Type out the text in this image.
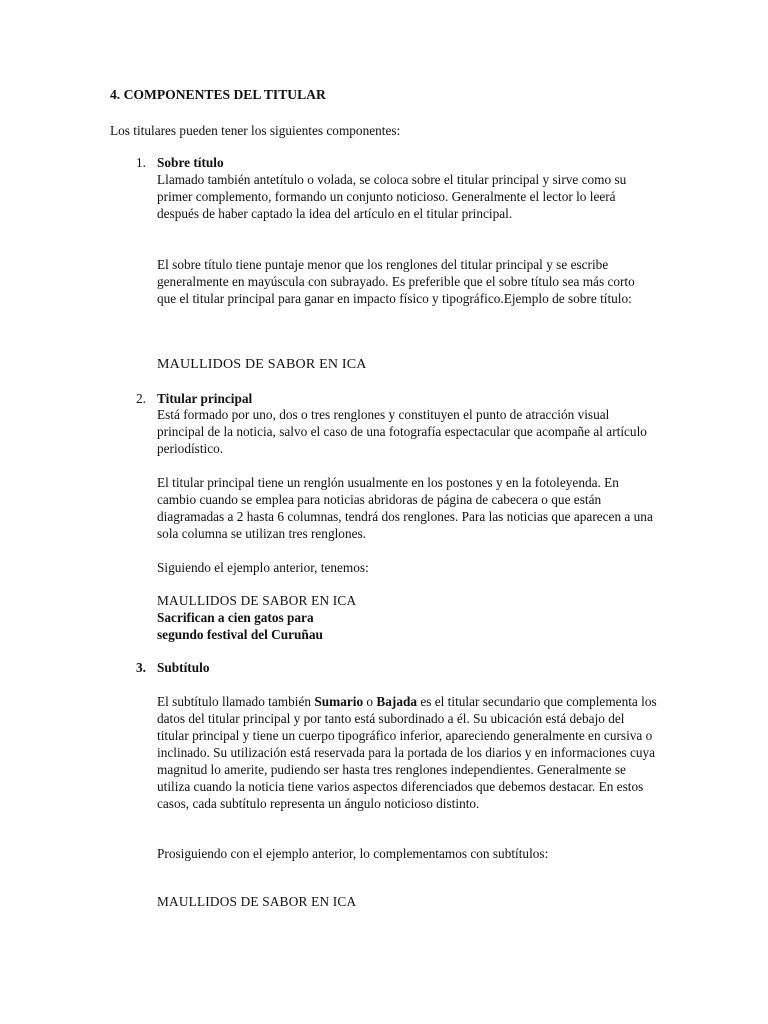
4. COMPONENTES DEL TITULAR
Los titulares pueden tener los siguientes componentes:
1. Sobre título

Llamado también antetítulo o volada, se coloca sobre el titular principal y sirve como su primer complemento, formando un conjunto noticioso. Generalmente el lector lo leerá después de haber captado la idea del artículo en el titular principal.

El sobre título tiene puntaje menor que los renglones del titular principal y se escribe generalmente en mayúscula con subrayado. Es preferible que el sobre título sea más corto que el titular principal para ganar en impacto físico y tipográfico.Ejemplo de sobre título:

MAULLIDOS DE SABOR EN ICA
2. Titular principal

Está formado por uno, dos o tres renglones y constituyen el punto de atracción visual principal de la noticia, salvo el caso de una fotografía espectacular que acompañe al artículo periodístico.

El titular principal tiene un renglón usualmente en los postones y en la fotoleyenda. En cambio cuando se emplea para noticias abridoras de página de cabecera o que están diagramadas a 2 hasta 6 columnas, tendrá dos renglones. Para las noticias que aparecen a una sola columna se utilizan tres renglones.

Siguiendo el ejemplo anterior, tenemos:
MAULLIDOS DE SABOR EN ICA
Sacrifican a cien gatos para
segundo festival del Curuñau
3. Subtítulo

El subtítulo llamado también Sumario o Bajada es el titular secundario que complementa los datos del titular principal y por tanto está subordinado a él. Su ubicación está debajo del titular principal y tiene un cuerpo tipográfico inferior, apareciendo generalmente en cursiva o inclinado. Su utilización está reservada para la portada de los diarios y en informaciones cuya magnitud lo amerite, pudiendo ser hasta tres renglones independientes. Generalmente se utiliza cuando la noticia tiene varios aspectos diferenciados que debemos destacar. En estos casos, cada subtítulo representa un ángulo noticioso distinto.

Prosiguiendo con el ejemplo anterior, lo complementamos con subtítulos:
MAULLIDOS DE SABOR EN ICA
